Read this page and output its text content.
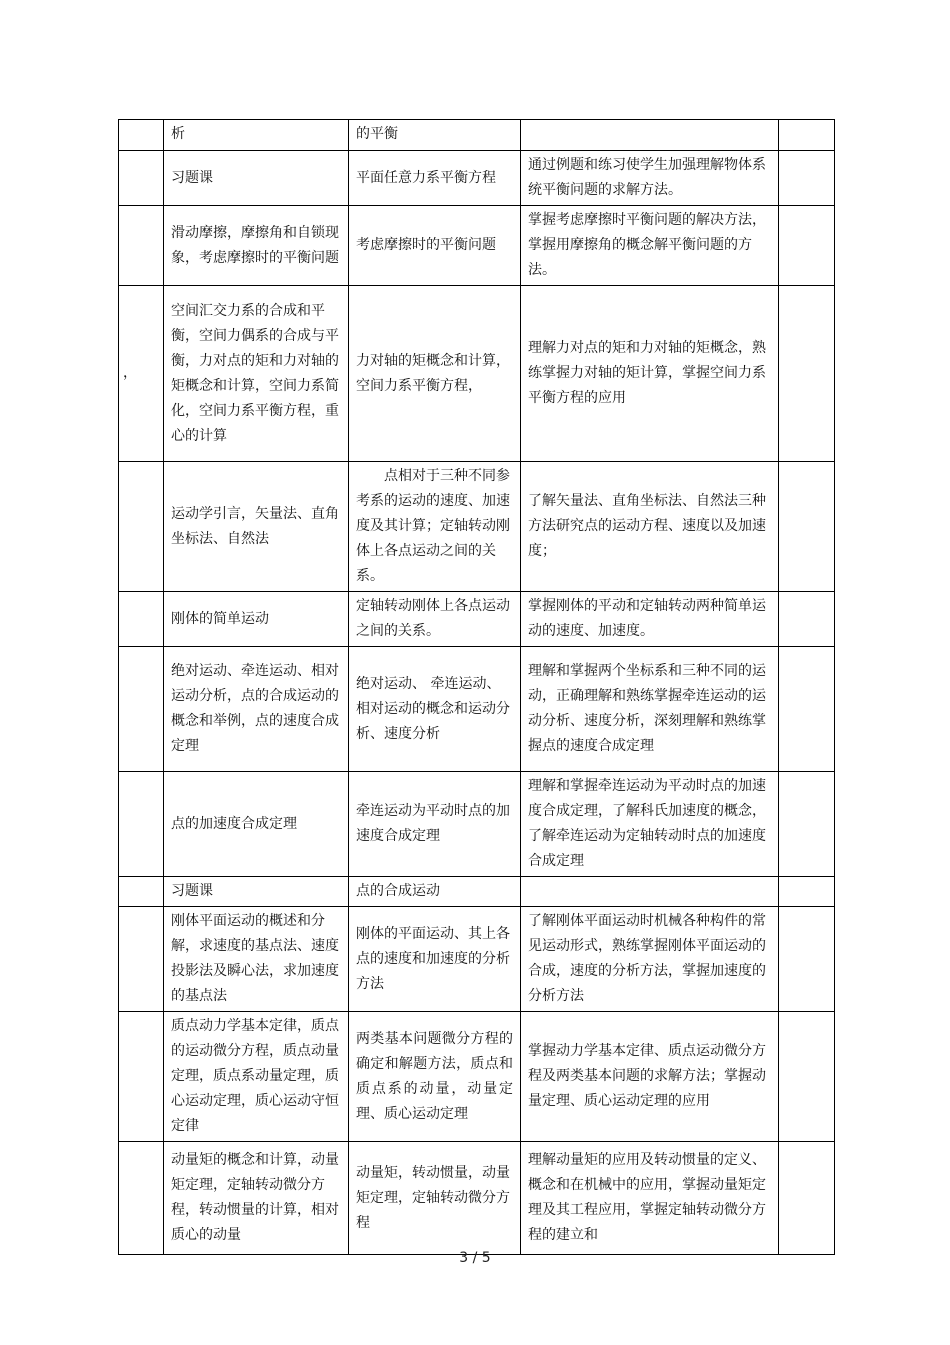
	析	的平衡		
	习题课	平面任意力系平衡方程	通过例题和练习使学生加强理解物体系统平衡问题的求解方法。	
	滑动摩擦，摩擦角和自锁现象，考虑摩擦时的平衡问题	考虑摩擦时的平衡问题	掌握考虑摩擦时平衡问题的解决方法，掌握用摩擦角的概念解平衡问题的方法。	
，	空间汇交力系的合成和平衡，空间力偶系的合成与平衡，力对点的矩和力对轴的矩概念和计算，空间力系简化，空间力系平衡方程，重心的计算	力对轴的矩概念和计算，空间力系平衡方程，	理解力对点的矩和力对轴的矩概念，熟练掌握力对轴的矩计算，掌握空间力系平衡方程的应用	
	运动学引言，矢量法、直角坐标法、自然法	点相对于三种不同参考系的运动的速度、加速度及其计算；定轴转动刚体上各点运动之间的关系。	了解矢量法、直角坐标法、自然法三种方法研究点的运动方程、速度以及加速度；	
	刚体的简单运动	定轴转动刚体上各点运动之间的关系。	掌握刚体的平动和定轴转动两种简单运动的速度、加速度。	
	绝对运动、牵连运动、相对运动分析，点的合成运动的概念和举例，点的速度合成定理	绝对运动、 牵连运动、相对运动的概念和运动分析、速度分析	理解和掌握两个坐标系和三种不同的运动，正确理解和熟练掌握牵连运动的运动分析、速度分析，深刻理解和熟练掌握点的速度合成定理	
	点的加速度合成定理	牵连运动为平动时点的加速度合成定理	理解和掌握牵连运动为平动时点的加速度合成定理，了解科氏加速度的概念，了解牵连运动为定轴转动时点的加速度合成定理	
	习题课	点的合成运动		
	刚体平面运动的概述和分解，求速度的基点法、速度投影法及瞬心法，求加速度的基点法	刚体的平面运动、其上各点的速度和加速度的分析方法	了解刚体平面运动时机械各种构件的常见运动形式，熟练掌握刚体平面运动的合成，速度的分析方法，掌握加速度的分析方法	
	质点动力学基本定律，质点的运动微分方程，质点动量定理，质点系动量定理，质心运动定理，质心运动守恒定律	两类基本问题微分方程的确定和解题方法，质点和质点系的动量，动量定理、质心运动定理	掌握动力学基本定律、质点运动微分方程及两类基本问题的求解方法；掌握动量定理、质心运动定理的应用	
	动量矩的概念和计算，动量矩定理，定轴转动微分方程，转动惯量的计算，相对质心的动量	动量矩，转动惯量，动量矩定理，定轴转动微分方程	理解动量矩的应用及转动惯量的定义、概念和在机械中的应用，掌握动量矩定理及其工程应用，掌握定轴转动微分方程的建立和	
3 / 5
